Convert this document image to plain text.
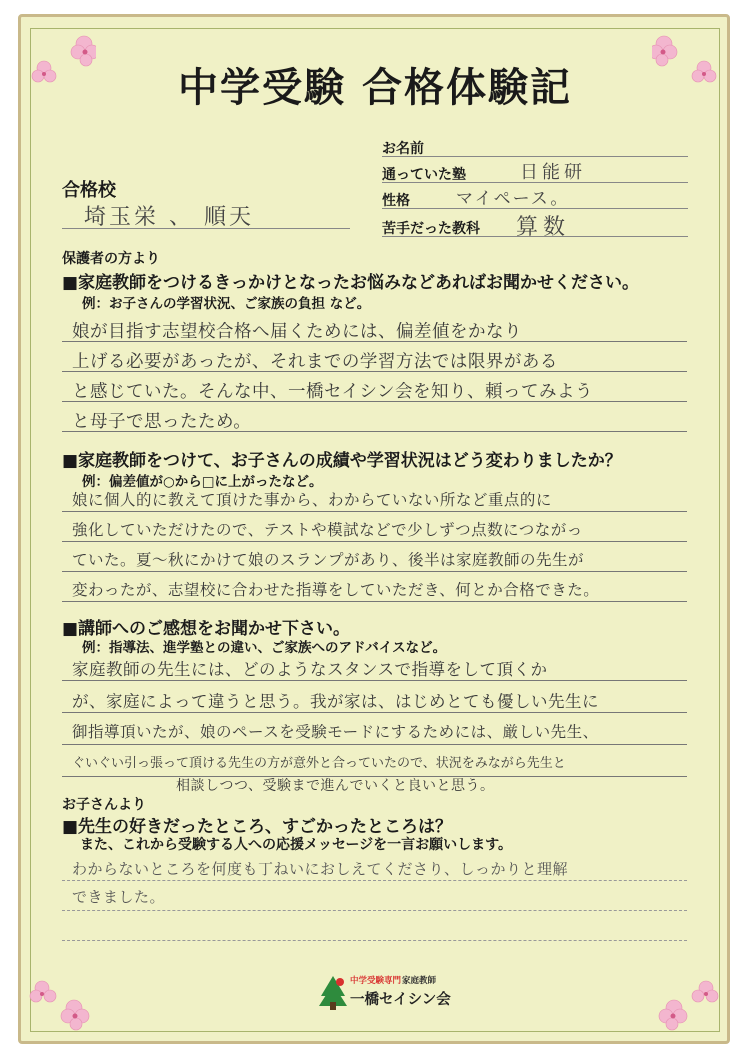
中学受験 合格体験記
お名前
通っていた塾	日能研
性格	マイペース。
苦手だった教科 算数
合格校
埼玉栄 、 順天
保護者の方より
■家庭教師をつけるきっかけとなったお悩みなどあればお聞かせください。
例：お子さんの学習状況、ご家族の負担 など。
娘が目指す志望校合格へ届くためには、偏差値をかなり
上げる必要があったが、それまでの学習方法では限界がある
と感じていた。そんな中、一橋セイシン会を知り、頼ってみよう
と母子で思ったため。
■家庭教師をつけて、お子さんの成績や学習状況はどう変わりましたか？
例：偏差値が○から□に上がったなど。
娘に個人的に教えて頂けた事から、わからていない所など重点的に
強化していただけたので、テストや模試などで少しずつ点数につながっ
ていた。夏～秋にかけて娘のスランプがあり、後半は家庭教師の先生が
変わったが、志望校に合わせた指導をしていただき、何とか合格できた。
■講師へのご感想をお聞かせ下さい。
例：指導法、進学塾との違い、ご家族へのアドバイスなど。
家庭教師の先生には、どのようなスタンスで指導をして頂くか
が、家庭によって違うと思う。我が家は、はじめとても優しい先生に
御指導頂いたが、娘のペースを受験モードにするためには、厳しい先生、
ぐいぐい引っ張って頂ける先生の方が意外と合っていたので、状況をみながら先生と
相談しつつ、受験まで進んでいくと良いと思う。
お子さんより
■先生の好きだったところ、すごかったところは？
また、これから受験する人への応援メッセージを一言お願いします。
わからないところを何度も丁ねいにおしえてくださり、しっかりと理解
できました。
中学受験専門 家庭教師
一橋セイシン会
